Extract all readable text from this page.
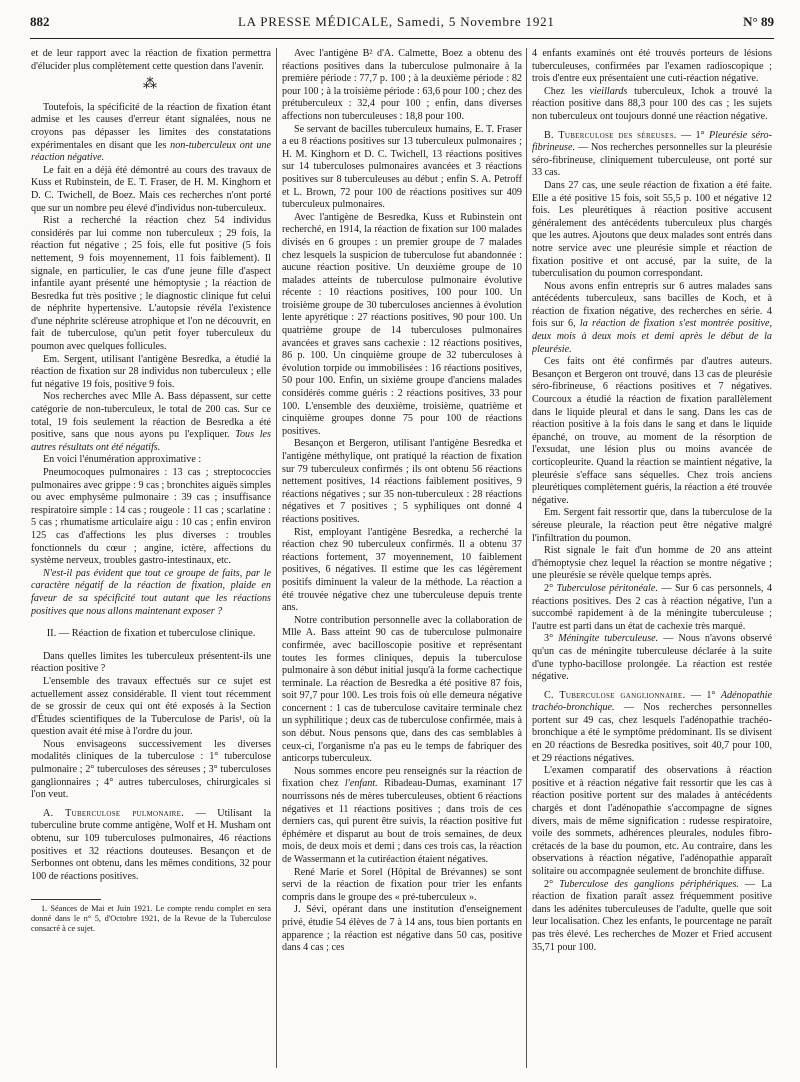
882	LA PRESSE MÉDICALE, Samedi, 5 Novembre 1921	N° 89

et de leur rapport avec la réaction de fixation permettra d'élucider plus complètement cette question dans l'avenir.

⁂

Toutefois, la spécificité de la réaction de fixation étant admise et les causes d'erreur étant signalées, nous ne croyons pas dépasser les limites des constatations expérimentales en disant que les non-tuberculeux ont une réaction négative.

Le fait en a déjà été démontré au cours des travaux de Kuss et Rubinstein, de E. T. Fraser, de H. M. Kinghorn et D. C. Twichell, de Boez. Mais ces recherches n'ont porté que sur un nombre peu élevé d'individus non-tuberculeux.

Rist a recherché la réaction chez 54 individus considérés par lui comme non tuberculeux ; 29 fois, la réaction fut négative ; 25 fois, elle fut positive (5 fois nettement, 9 fois moyennement, 11 fois faiblement). Il signale, en particulier, le cas d'une jeune fille d'aspect infantile ayant présenté une hémoptysie ; la réaction de Besredka fut très positive ; le diagnostic clinique fut celui de néphrite hypertensive. L'autopsie révéla l'existence d'une néphrite scléreuse atrophique et l'on ne découvrit, en fait de tuberculose, qu'un petit foyer tuberculeux du poumon avec quelques follicules.

Em. Sergent, utilisant l'antigène Besredka, a étudié la réaction de fixation sur 28 individus non tuberculeux ; elle fut négative 19 fois, positive 9 fois.

Nos recherches avec Mlle A. Bass dépassent, sur cette catégorie de non-tuberculeux, le total de 200 cas. Sur ce total, 19 fois seulement la réaction de Besredka a été positive, sans que nous ayons pu l'expliquer. Tous les autres résultats ont été négatifs.

En voici l'énumération approximative :

Pneumocoques pulmonaires : 13 cas ; streptococcies pulmonaires avec grippe : 9 cas ; bronchites aiguës simples ou avec emphysème pulmonaire : 39 cas ; insuffisance respiratoire simple : 14 cas ; rougeole : 11 cas ; scarlatine : 5 cas ; rhumatisme articulaire aigu : 10 cas ; enfin environ 125 cas d'affections les plus diverses : troubles fonctionnels du cœur ; angine, ictère, affections du système nerveux, troubles gastro-intestinaux, etc.

N'est-il pas évident que tout ce groupe de faits, par le caractère négatif de la réaction de fixation, plaide en faveur de sa spécificité tout autant que les réactions positives que nous allons maintenant exposer ?

II. — Réaction de fixation et tuberculose clinique.

Dans quelles limites les tuberculeux présentent-ils une réaction positive ?

L'ensemble des travaux effectués sur ce sujet est actuellement assez considérable. Il vient tout récemment de se grossir de ceux qui ont été exposés à la Section d'Études scientifiques de la Tuberculose de Paris¹, où la question avait été mise à l'ordre du jour.

Nous envisageons successivement les diverses modalités cliniques de la tuberculose : 1° tuberculose pulmonaire ; 2° tuberculoses des séreuses ; 3° tuberculoses ganglionnaires ; 4° autres tuberculoses, chirurgicales si l'on veut.

A. Tuberculose pulmonaire. — Utilisant la tuberculine brute comme antigène, Wolf et H. Musham ont obtenu, sur 109 tuberculoses pulmonaires, 46 réactions positives et 32 réactions douteuses. Besançon et de Serbonnes ont obtenu, dans les mêmes conditions, 32 pour 100 de réactions positives.

1. Séances de Mai et Juin 1921. Le compte rendu complet en sera donné dans le n° 5, d'Octobre 1921, de la Revue de la Tuberculose consacré à ce sujet.

Avec l'antigène B² d'A. Calmette, Boez a obtenu des réactions positives dans la tuberculose pulmonaire à la première période : 77,7 p. 100 ; à la deuxième période : 82 pour 100 ; à la troisième période : 63,6 pour 100 ; chez des prétuberculeux : 32,4 pour 100 ; enfin, dans diverses affections non tuberculeuses : 18,8 pour 100.

Se servant de bacilles tuberculeux humains, E. T. Fraser a eu 8 réactions positives sur 13 tuberculeux pulmonaires ; H. M. Kinghorn et D. C. Twichell, 13 réactions positives sur 14 tuberculoses pulmonaires avancées et 3 réactions positives sur 8 tuberculeuses au début ; enfin S. A. Petroff et L. Brown, 72 pour 100 de réactions positives sur 409 tuberculeux pulmonaires.

Avec l'antigène de Besredka, Kuss et Rubinstein ont recherché, en 1914, la réaction de fixation sur 100 malades divisés en 6 groupes : un premier groupe de 7 malades chez lesquels la suspicion de tuberculose fut abandonnée : aucune réaction positive. Un deuxième groupe de 10 malades atteints de tuberculose pulmonaire évolutive récente : 10 réactions positives, 100 pour 100. Un troisième groupe de 30 tuberculoses anciennes à évolution lente apyrétique : 27 réactions positives, 90 pour 100. Un quatrième groupe de 14 tuberculoses pulmonaires avancées et graves sans cachexie : 12 réactions positives, 86 p. 100. Un cinquième groupe de 32 tuberculoses à évolution torpide ou immobilisées : 16 réactions positives, 50 pour 100. Enfin, un sixième groupe d'anciens malades considérés comme guéris : 2 réactions positives, 33 pour 100. L'ensemble des deuxième, troisième, quatrième et cinquième groupes donne 75 pour 100 de réactions positives.

Besançon et Bergeron, utilisant l'antigène Besredka et l'antigène méthylique, ont pratiqué la réaction de fixation sur 79 tuberculeux confirmés ; ils ont obtenu 56 réactions nettement positives, 14 réactions faiblement positives, 9 réactions négatives ; sur 35 non-tuberculeux : 28 réactions négatives et 7 positives ; 5 syphiliques ont donné 4 réactions positives.

Rist, employant l'antigène Besredka, a recherché la réaction chez 90 tuberculeux confirmés. Il a obtenu 37 réactions fortement, 37 moyennement, 10 faiblement positives, 6 négatives. Il estime que les cas légèrement positifs diminuent la valeur de la méthode. La réaction a été trouvée négative chez une tuberculeuse depuis trente ans.

Notre contribution personnelle avec la collaboration de Mlle A. Bass atteint 90 cas de tuberculose pulmonaire confirmée, avec bacilloscopie positive et représentant toutes les formes cliniques, depuis la tuberculose pulmonaire à son début initial jusqu'à la forme cachectique terminale. La réaction de Besredka a été positive 87 fois, soit 97,7 pour 100. Les trois fois où elle demeura négative concernent : 1 cas de tuberculose cavitaire terminale chez un syphilitique ; deux cas de tuberculose confirmée, mais à son début. Nous pensons que, dans des cas semblables à ceux-ci, l'organisme n'a pas eu le temps de fabriquer des anticorps tuberculeux.

Nous sommes encore peu renseignés sur la réaction de fixation chez l'enfant. Ribadeau-Dumas, examinant 17 nourrissons nés de mères tuberculeuses, obtient 6 réactions négatives et 11 réactions positives ; dans trois de ces derniers cas, qui purent être suivis, la réaction positive fut éphémère et disparut au bout de trois semaines, de deux mois, de deux mois et demi ; dans ces trois cas, la réaction de Wassermann et la cutiréaction étaient négatives.

René Marie et Sorel (Hôpital de Brévannes) se sont servi de la réaction de fixation pour trier les enfants compris dans le groupe des « pré-tuberculeux ».

J. Sévi, opérant dans une institution d'enseignement privé, étudie 54 élèves de 7 à 14 ans, tous bien portants en apparence ; la réaction est négative dans 50 cas, positive dans 4 cas ; ces

4 enfants examinés ont été trouvés porteurs de lésions tuberculeuses, confirmées par l'examen radioscopique ; trois d'entre eux présentaient une cuti-réaction négative.

Chez les vieillards tuberculeux, Ichok a trouvé la réaction positive dans 88,3 pour 100 des cas ; les sujets non tuberculeux ont toujours donné une réaction négative.

B. Tuberculose des séreuses. — 1° Pleurésie séro-fibrineuse. — Nos recherches personnelles sur la pleurésie séro-fibrineuse, cliniquement tuberculeuse, ont porté sur 33 cas.

Dans 27 cas, une seule réaction de fixation a été faite. Elle a été positive 15 fois, soit 55,5 p. 100 et négative 12 fois. Les pleurétiques à réaction positive accusent généralement des antécédents tuberculeux plus chargés que les autres. Ajoutons que deux malades sont entrés dans notre service avec une pleurésie simple et réaction de fixation positive et ont accusé, par la suite, de la tuberculisation du poumon correspondant.

Nous avons enfin entrepris sur 6 autres malades sans antécédents tuberculeux, sans bacilles de Koch, et à réaction de fixation négative, des recherches en série. 4 fois sur 6, la réaction de fixation s'est montrée positive, deux mois à deux mois et demi après le début de la pleurésie.

Ces faits ont été confirmés par d'autres auteurs. Besançon et Bergeron ont trouvé, dans 13 cas de pleurésie séro-fibrineuse, 6 réactions positives et 7 négatives. Courcoux a étudié la réaction de fixation parallèlement dans le liquide pleural et dans le sang. Dans les cas de réaction positive à la fois dans le sang et dans le liquide épanché, on trouve, au moment de la résorption de l'exsudat, une lésion plus ou moins avancée de corticopleurite. Quand la réaction se maintient négative, la pleurésie s'efface sans séquelles. Chez trois anciens pleurétiques complètement guéris, la réaction a été trouvée négative.

Em. Sergent fait ressortir que, dans la tuberculose de la séreuse pleurale, la réaction peut être négative malgré l'infiltration du poumon.

Rist signale le fait d'un homme de 20 ans atteint d'hémoptysie chez lequel la réaction se montre négative ; une pleurésie se révèle quelque temps après.

2° Tuberculose péritonéale. — Sur 6 cas personnels, 4 réactions positives. Des 2 cas à réaction négative, l'un a succombé rapidement à de la méningite tuberculeuse ; l'autre est parti dans un état de cachexie très marqué.

3° Méningite tuberculeuse. — Nous n'avons observé qu'un cas de méningite tuberculeuse déclarée à la suite d'une typho-bacillose prolongée. La réaction est restée négative.

C. Tuberculose ganglionnaire. — 1° Adénopathie trachéo-bronchique. — Nos recherches personnelles portent sur 49 cas, chez lesquels l'adénopathie trachéo-bronchique a été le symptôme prédominant. Ils se divisent en 20 réactions de Besredka positives, soit 40,7 pour 100, et 29 réactions négatives.

L'examen comparatif des observations à réaction positive et à réaction négative fait ressortir que les cas à réaction positive portent sur des malades à antécédents chargés et dont l'adénopathie s'accompagne de signes divers, mais de même signification : rudesse respiratoire, voile des sommets, adhérences pleurales, nodules fibro-crétacés de la base du poumon, etc. Au contraire, dans les observations à réaction négative, l'adénopathie apparaît solitaire ou accompagnée seulement de bronchite diffuse.

2° Tuberculose des ganglions périphériques. — La réaction de fixation paraît assez fréquemment positive dans les adénites tuberculeuses de l'adulte, quelle que soit leur localisation. Chez les enfants, le pourcentage ne paraît pas très élevé. Les recherches de Mozer et Fried accusent 35,71 pour 100.
